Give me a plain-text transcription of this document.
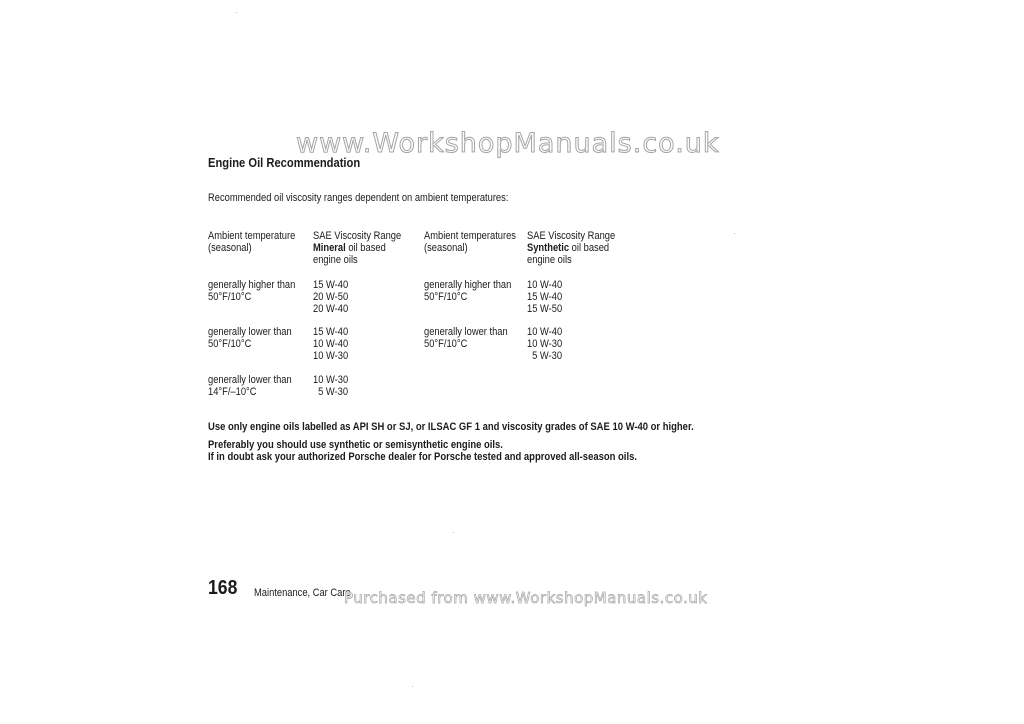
www.WorkshopManuals.co.uk
Engine Oil Recommendation
Recommended oil viscosity ranges dependent on ambient temperatures:
Ambient temperature
(seasonal)
SAE Viscosity Range
Mineral oil based
engine oils
generally higher than
50°F/10°C
15 W-40
20 W-50
20 W-40
generally lower than
50°F/10°C
15 W-40
10 W-40
10 W-30
generally lower than
14°F/–10°C
10 W-30
5 W-30
Ambient temperatures
(seasonal)
SAE Viscosity Range
Synthetic oil based
engine oils
generally higher than
50°F/10°C
10 W-40
15 W-40
15 W-50
generally lower than
50°F/10°C
10 W-40
10 W-30
5 W-30
Use only engine oils labelled as API SH or SJ, or ILSAC GF 1 and viscosity grades of SAE 10 W-40 or higher.
Preferably you should use synthetic or semisynthetic engine oils.
If in doubt ask your authorized Porsche dealer for Porsche tested and approved all-season oils.
168 Maintenance, Car Care
Purchased from www.WorkshopManuals.co.uk
